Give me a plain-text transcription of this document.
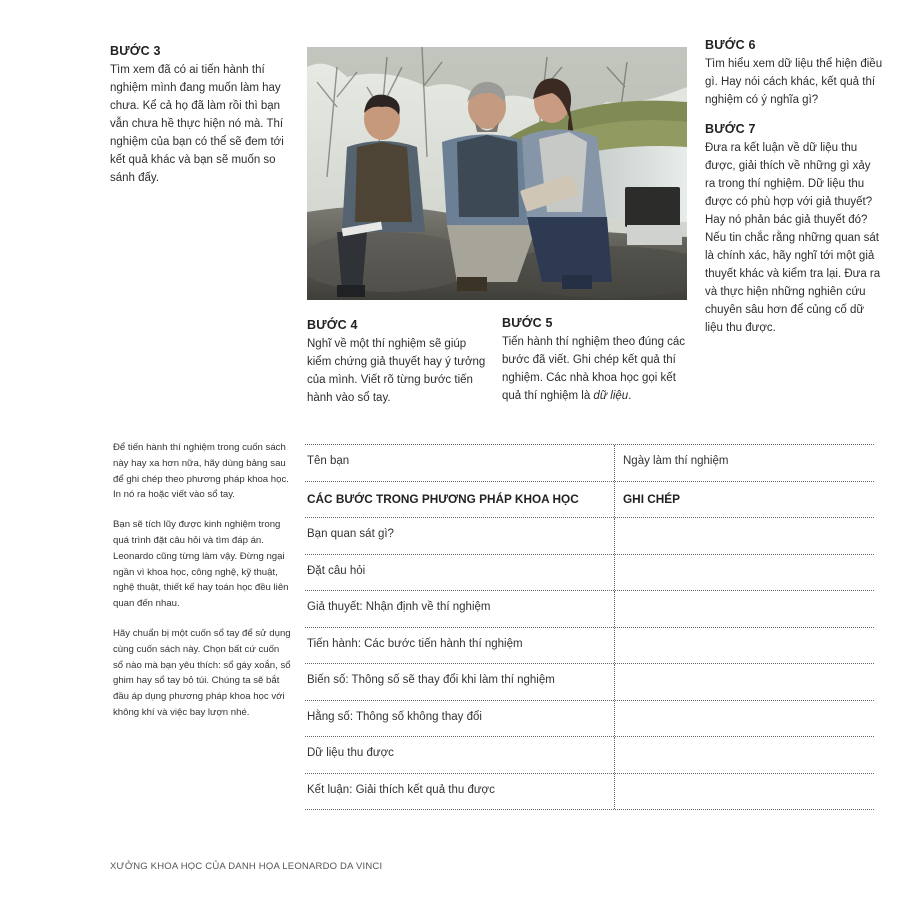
BƯỚC 3

Tìm xem đã có ai tiến hành thí nghiệm mình đang muốn làm hay chưa. Kể cả họ đã làm rồi thì bạn vẫn chưa hề thực hiện nó mà. Thí nghiệm của bạn có thể sẽ đem tới kết quả khác và bạn sẽ muốn so sánh đấy.

BƯỚC 4

Nghĩ về một thí nghiệm sẽ giúp kiểm chứng giả thuyết hay ý tưởng của mình. Viết rõ từng bước tiến hành vào sổ tay.

BƯỚC 5

Tiến hành thí nghiệm theo đúng các bước đã viết. Ghi chép kết quả thí nghiệm. Các nhà khoa học gọi kết quả thí nghiệm là dữ liệu.

BƯỚC 6

Tìm hiểu xem dữ liệu thể hiện điều gì. Hay nói cách khác, kết quả thí nghiệm có ý nghĩa gì?

BƯỚC 7

Đưa ra kết luận về dữ liệu thu được, giải thích về những gì xảy ra trong thí nghiệm. Dữ liệu thu được có phù hợp với giả thuyết? Hay nó phản bác giả thuyết đó? Nếu tin chắc rằng những quan sát là chính xác, hãy nghĩ tới một giả thuyết khác và kiểm tra lại. Đưa ra và thực hiện những nghiên cứu chuyên sâu hơn để củng cố dữ liệu thu được.

Để tiến hành thí nghiệm trong cuốn sách này hay xa hơn nữa, hãy dùng bảng sau để ghi chép theo phương pháp khoa học. In nó ra hoặc viết vào sổ tay.

Bạn sẽ tích lũy được kinh nghiệm trong quá trình đặt câu hỏi và tìm đáp án. Leonardo cũng từng làm vậy. Đừng ngại ngần vì khoa học, công nghệ, kỹ thuật, nghệ thuật, thiết kế hay toán học đều liên quan đến nhau.

Hãy chuẩn bị một cuốn sổ tay để sử dụng cùng cuốn sách này. Chọn bất cứ cuốn sổ nào mà bạn yêu thích: sổ gáy xoắn, sổ ghim hay sổ tay bỏ túi. Chúng ta sẽ bắt đầu áp dụng phương pháp khoa học với không khí và việc bay lượn nhé.

Tên bạn	Ngày làm thí nghiệm
CÁC BƯỚC TRONG PHƯƠNG PHÁP KHOA HỌC	GHI CHÉP
Bạn quan sát gì?
Đặt câu hỏi
Giả thuyết: Nhận định về thí nghiệm
Tiến hành: Các bước tiến hành thí nghiệm
Biến số: Thông số sẽ thay đổi khi làm thí nghiệm
Hằng số: Thông số không thay đổi
Dữ liệu thu được
Kết luận: Giải thích kết quả thu được
XƯỞNG KHOA HỌC CỦA DANH HỌA LEONARDO DA VINCI
